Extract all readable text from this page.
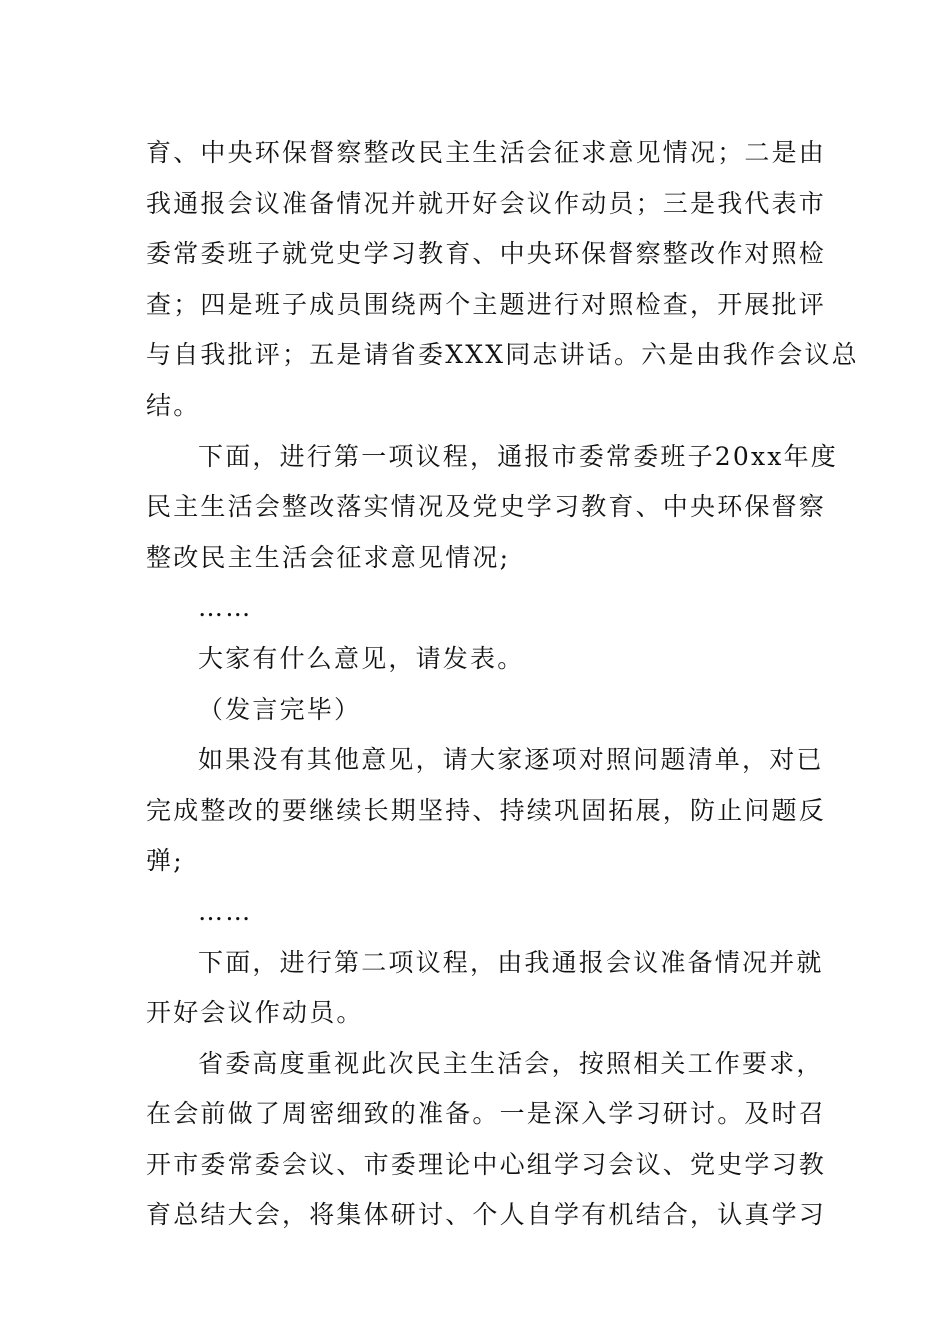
育、中央环保督察整改民主生活会征求意见情况；二是由
我通报会议准备情况并就开好会议作动员；三是我代表市
委常委班子就党史学习教育、中央环保督察整改作对照检
查；四是班子成员围绕两个主题进行对照检查，开展批评
与自我批评；五是请省委XXX同志讲话。六是由我作会议总
结。
下面，进行第一项议程，通报市委常委班子20xx年度
民主生活会整改落实情况及党史学习教育、中央环保督察
整改民主生活会征求意见情况;
……
大家有什么意见，请发表。
（发言完毕）
如果没有其他意见，请大家逐项对照问题清单，对已
完成整改的要继续长期坚持、持续巩固拓展，防止问题反
弹;
……
下面，进行第二项议程，由我通报会议准备情况并就
开好会议作动员。
省委高度重视此次民主生活会，按照相关工作要求，
在会前做了周密细致的准备。一是深入学习研讨。及时召
开市委常委会议、市委理论中心组学习会议、党史学习教
育总结大会，将集体研讨、个人自学有机结合，认真学习
